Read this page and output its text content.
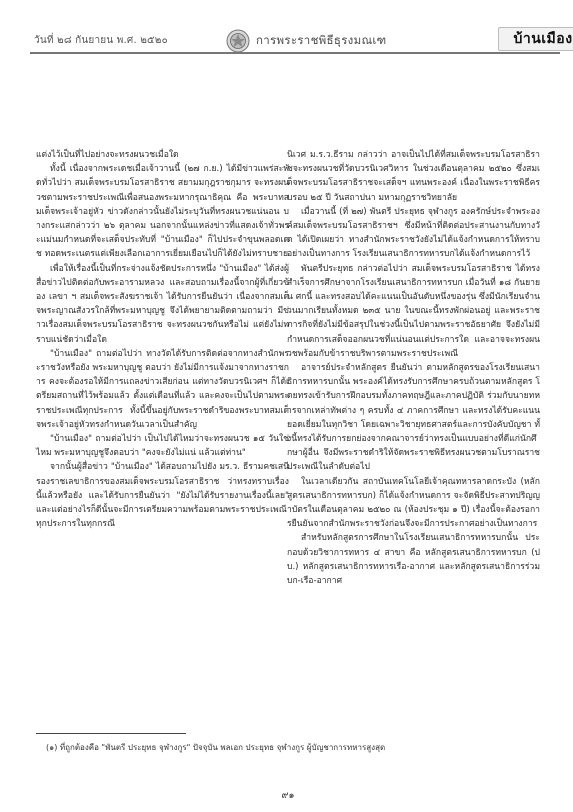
วันที่ ๒๘ กันยายน พ.ศ. ๒๕๒๐	การพระราชพิธีธุรงมณเฑ	บ้านเมือง

แต่งไว้เป็นที่ไปอย่างจะทรงผนวชเมื่อใด

ทั้งนี้ เนื่องจากพระเดชเมื่อเจ้าวานนี้ (๒๗ ก.ย.) ได้มีข่าวแพร่สะพัดทั่วไปว่า สมเด็จพระบรมโอรสาธิราช สยามมกุฎราชกุมาร จะทรงผนวชตามพระราชประเพณีเพื่อสนองพระมหากรุณาธิคุณ คือ พระบาทสมเด็จพระเจ้าอยู่หัว ข่าวดังกล่าวนั้นยังไม่ระบุวันที่ทรงผนวชแน่นอน บางกระแสกล่าวว่า ๒๖ ตุลาคม นอกจากนั้นแหล่งข่าวที่แสดงเจ้าทั่วพระแม่นมกำหนดที่จะเสด็จประทับที่ "บ้านเมือง" ก็ไปประจำขุนพลอดเดช ทอดพระเนตรแต่เพียงเลือกเอาการเยี่ยมเยือนไปก็ได้ยังไม่ทราบชาย

เพื่อให้เรื่องนี้เป็นที่กระจ่างแจ้งชัดประการหนึ่ง "บ้านเมือง" ได้ส่งผู้สื่อข่าวไปติดต่อกับพระอารามหลวง และสอบถามเรื่องนี้จากผู้ที่เกี่ยวข้อง เลขา ฯ สมเด็จพระสังฆราชเจ้า ได้รับการยืนยันว่า เนื่องจากสมเด็จพระญาณสังวรใกล้ที่พระมหาบุญชู จึงได้พยายามติดตามถามว่า มีข่าวเรื่องสมเด็จพระบรมโอรสาธิราช จะทรงผนวชกันหรือไม่ แต่ยังไม่ทราบแน่ชัดว่าเมื่อใด

"บ้านเมือง" ถามต่อไปว่า ทางวัดได้รับการติดต่อจากทางสำนักพระราชวังหรือยัง พระมหาบุญชู ตอบว่า ยังไม่มีการแจ้งมาจากทางราชการ คงจะต้องรอให้มีการแถลงข่าวเสียก่อน แต่ทางวัดบวรนิเวศฯ ก็ได้เตรียมสถานที่ไว้พร้อมแล้ว ตั้งแต่เดือนที่แล้ว และคงจะเป็นไปตามพระราชประเพณีทุกประการ ทั้งนี้ขึ้นอยู่กับพระราชดำริของพระบาทสมเด็จพระเจ้าอยู่หัวทรงกำหนดวันเวลาเป็นสำคัญ

"บ้านเมือง" ถามต่อไปว่า เป็นไปได้ไหมว่าจะทรงผนวช ๑๕ วันใช่ไหม พระมหาบุญชูจึงตอบว่า "คงจะยังไม่แน่ แล้วแต่ท่าน"

จากนั้นผู้สื่อข่าว "บ้านเมือง" ได้สอบถามไปยัง มร.ว. ธีรามคชเสนี รองราชเลขาธิการของสมเด็จพระบรมโอรสาธิราช ว่าทรงทราบเรื่องนี้แล้วหรือยัง และได้รับการยืนยันว่า "ยังไม่ได้รับรายงานเรื่องนี้เลย" และแต่อย่างไรก็ดีนั้นจะมีการเตรียมความพร้อมตามพระราชประเพณีทุกประการในทุกกรณี

นิเวศ ม.ร.ว.ธีราม กล่าวว่า อาจเป็นไปได้ที่สมเด็จพระบรมโอรสาธิราชจะทรงผนวชที่วัดบวรนิเวศวิหาร ในช่วงเดือนตุลาคม ๒๕๒๐ ซึ่งสมเด็จพระบรมโอรสาธิราชจะเสด็จฯ แทนพระองค์ เนื่องในพระราชพิธีครบรอบ ๒๕ ปี วันสถาปนา มหามกุฏราชวิทยาลัย

เมื่อวานนี้ (ที่ ๒๗) พันตรี ประยุทธ จุฬางกูร องครักษ์ประจำพระองค์สมเด็จพระบรมโอรสาธิราชฯ ซึ่งมีหน้าที่ติดต่อประสานงานกับทางวัด ได้เปิดเผยว่า ทางสำนักพระราชวังยังไม่ได้แจ้งกำหนดการให้ทราบอย่างเป็นทางการ โรงเรียนเสนาธิการทหารบกได้แจ้งกำหนดการไว้

พันตรีประยุทธ กล่าวต่อไปว่า สมเด็จพระบรมโอรสาธิราช ได้ทรงสำเร็จการศึกษาจากโรงเรียนเสนาธิการทหารบก เมื่อวันที่ ๑๘ กันยายน ศกนี้ และทรงสอบได้คะแนนเป็นอันดับหนึ่งของรุ่น ซึ่งมีนักเรียนจำนวนมากเรียนทั้งหมด ๒๓๕ นาย ในขณะนี้ทรงพักผ่อนอยู่ และพระราชภารกิจที่ยังไม่มีข้อสรุปในช่วงนี้เป็นไปตามพระราชอัธยาศัย จึงยังไม่มีกำหนดการเสด็จออกผนวชที่แน่นอนแต่ประการใด และอาจจะทรงผนวชพร้อมกับข้าราชบริพารตามพระราชประเพณี

อาจารย์ประจำหลักสูตร ยืนยันว่า ตามหลักสูตรของโรงเรียนเสนาธิการทหารบกนั้น พระองค์ได้ทรงรับการศึกษาครบถ้วนตามหลักสูตร โดยทรงเข้ารับการฝึกอบรมทั้งภาคทฤษฎีและภาคปฏิบัติ ร่วมกับนายทหารจากเหล่าทัพต่าง ๆ ครบทั้ง ๔ ภาคการศึกษา และทรงได้รับคะแนนยอดเยี่ยมในทุกวิชา โดยเฉพาะวิชายุทธศาสตร์และการบังคับบัญชา ทั้งนี้ทรงได้รับการยกย่องจากคณาจารย์ว่าทรงเป็นแบบอย่างที่ดีแก่นักศึกษาผู้อื่น จึงมีพระราชดำริให้จัดพระราชพิธีทรงผนวชตามโบราณราชประเพณีในลำดับต่อไป

ในเวลาเดียวกัน สถาบันเทคโนโลยีเจ้าคุณทหารลาดกระบัง (หลักสูตรเสนาธิการทหารบก) ก็ได้แจ้งกำหนดการ จะจัดพิธีประสาทปริญญาบัตรในเดือนตุลาคม ๒๕๒๐ ณ (ห้องประชุม ๑ ปี) เรื่องนี้จะต้องรอการยืนยันจากสำนักพระราชวังก่อนจึงจะมีการประกาศอย่างเป็นทางการ

สำหรับหลักสูตรการศึกษาในโรงเรียนเสนาธิการทหารบกนั้น ประกอบด้วยวิชาการทหาร ๔ สาขา คือ หลักสูตรเสนาธิการทหารบก (ปบ.) หลักสูตรเสนาธิการทหารเรือ-อากาศ และหลักสูตรเสนาธิการร่วม บก-เรือ-อากาศ

(๑) ที่ถูกต้องคือ "พันตรี ประยุทธ จุฬางกูร" ปัจจุบัน พลเอก ประยุทธ จุฬางกูร ผู้บัญชาการทหารสูงสุด
๙๑
